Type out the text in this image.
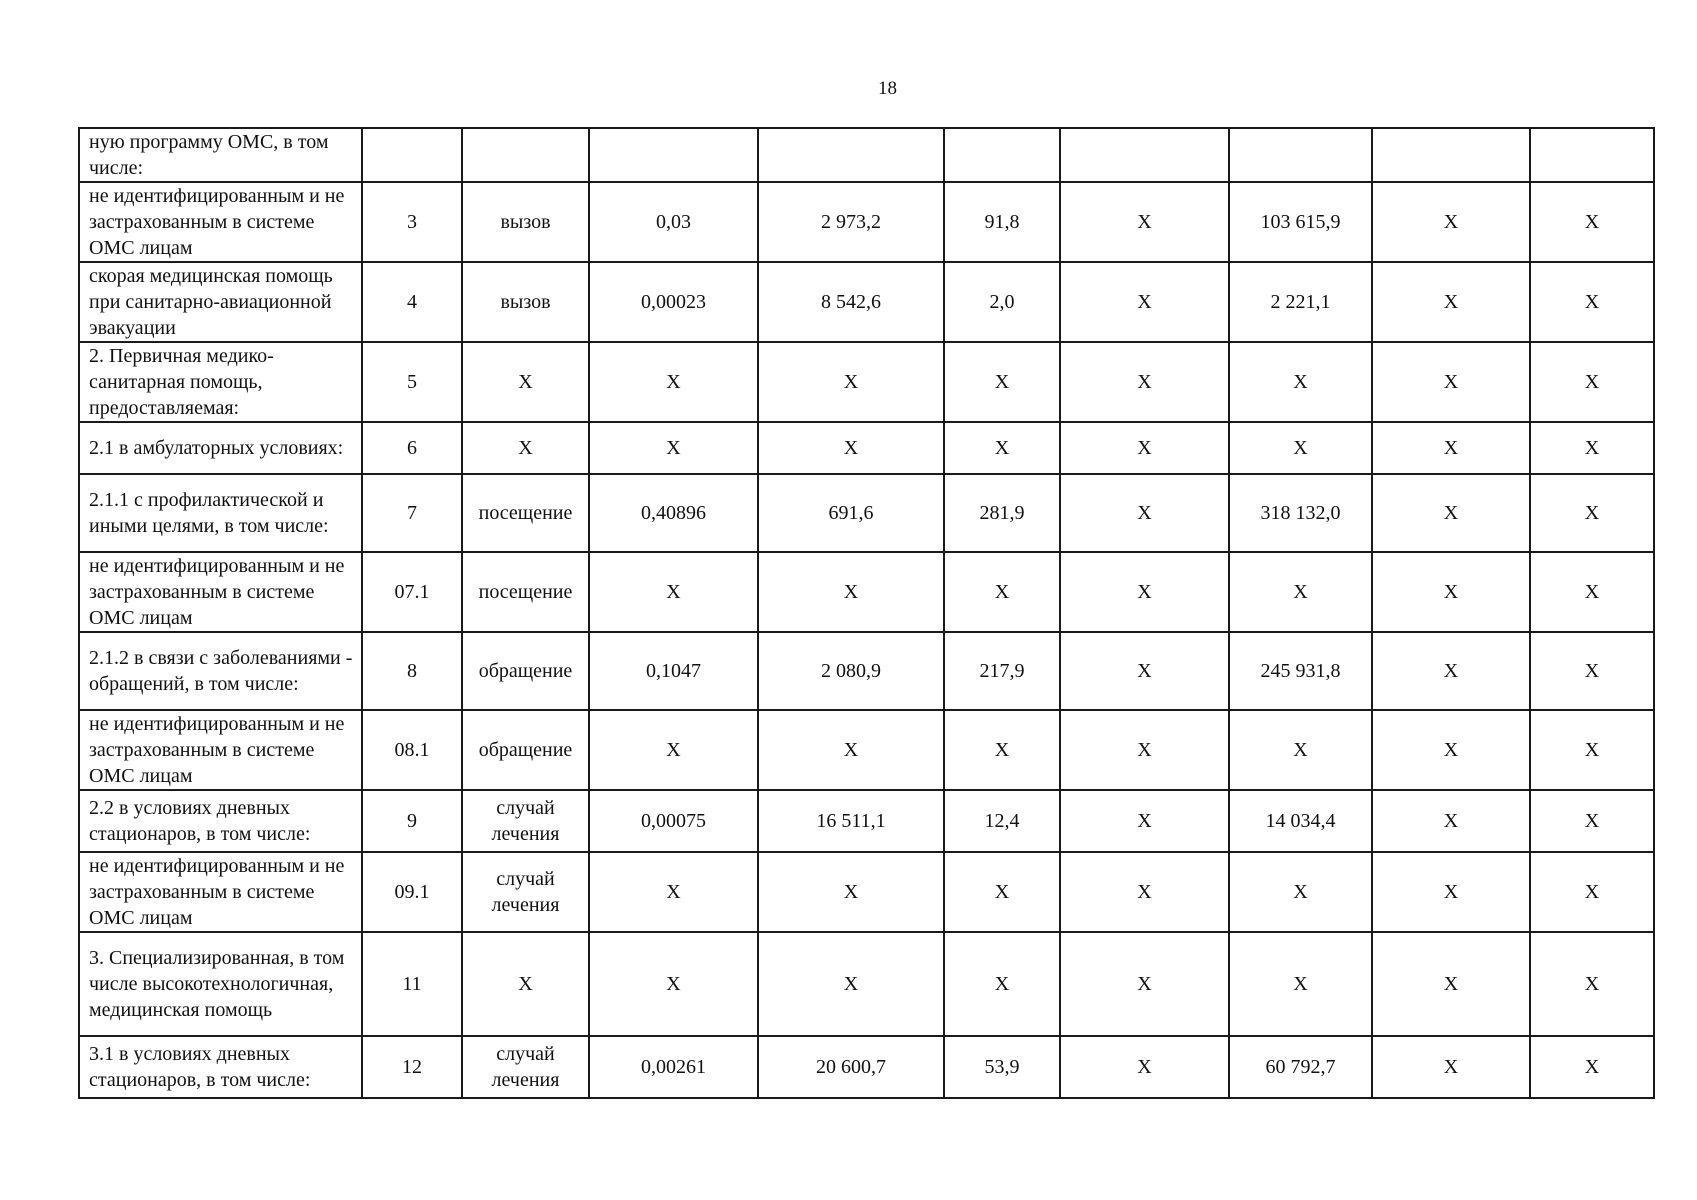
18
ную программу ОМС, в том числе:									
не идентифицированным и не застрахованным в системе ОМС лицам	3	вызов	0,03	2 973,2	91,8	X	103 615,9	X	X
скорая медицинская помощь при санитарно-авиационной эвакуации	4	вызов	0,00023	8 542,6	2,0	X	2 221,1	X	X
2. Первичная медико-санитарная помощь, предоставляемая:	5	X	X	X	X	X	X	X	X
2.1 в амбулаторных условиях:	6	X	X	X	X	X	X	X	X
2.1.1 с профилактической и иными целями, в том числе:	7	посещение	0,40896	691,6	281,9	X	318 132,0	X	X
не идентифицированным и не застрахованным в системе ОМС лицам	07.1	посещение	X	X	X	X	X	X	X
2.1.2 в связи с заболеваниями - обращений, в том числе:	8	обращение	0,1047	2 080,9	217,9	X	245 931,8	X	X
не идентифицированным и не застрахованным в системе ОМС лицам	08.1	обращение	X	X	X	X	X	X	X
2.2 в условиях дневных стационаров, в том числе:	9	случай лечения	0,00075	16 511,1	12,4	X	14 034,4	X	X
не идентифицированным и не застрахованным в системе ОМС лицам	09.1	случай лечения	X	X	X	X	X	X	X
3. Специализированная, в том числе высокотехнологичная, медицинская помощь	11	X	X	X	X	X	X	X	X
3.1 в условиях дневных стационаров, в том числе:	12	случай лечения	0,00261	20 600,7	53,9	X	60 792,7	X	X
